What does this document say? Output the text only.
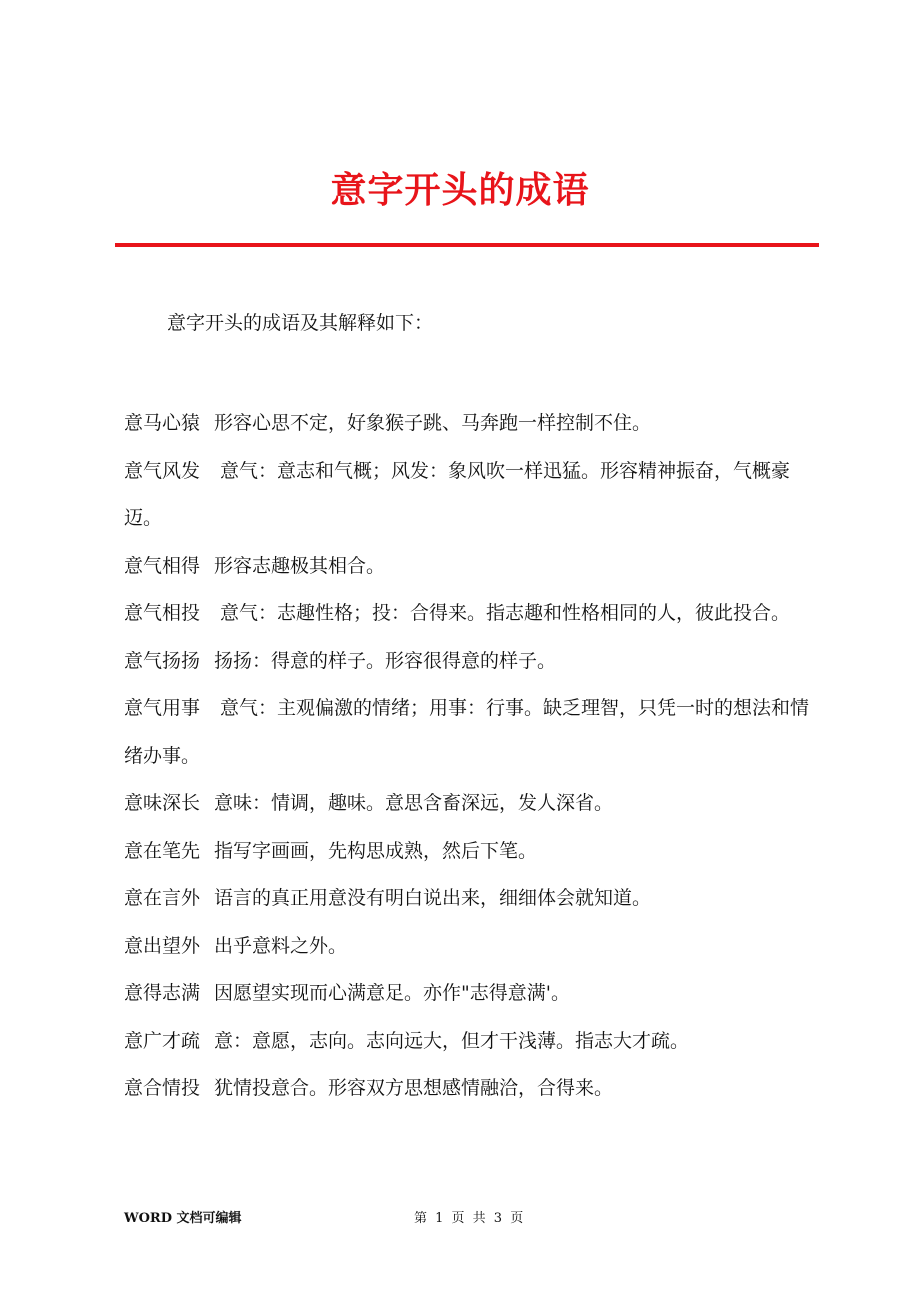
意字开头的成语

意字开头的成语及其解释如下：

意马心猿 形容心思不定，好象猴子跳、马奔跑一样控制不住。
意气风发 意气：意志和气概；风发：象风吹一样迅猛。形容精神振奋，气概豪迈。
意气相得 形容志趣极其相合。
意气相投 意气：志趣性格；投：合得来。指志趣和性格相同的人，彼此投合。
意气扬扬 扬扬：得意的样子。形容很得意的样子。
意气用事 意气：主观偏激的情绪；用事：行事。缺乏理智，只凭一时的想法和情绪办事。
意味深长 意味：情调，趣味。意思含畜深远，发人深省。
意在笔先 指写字画画，先构思成熟，然后下笔。
意在言外 语言的真正用意没有明白说出来，细细体会就知道。
意出望外 出乎意料之外。
意得志满 因愿望实现而心满意足。亦作"志得意满'。
意广才疏 意：意愿，志向。志向远大，但才干浅薄。指志大才疏。
意合情投 犹情投意合。形容双方思想感情融洽，合得来。
WORD 文档可编辑	第 1 页 共 3 页
